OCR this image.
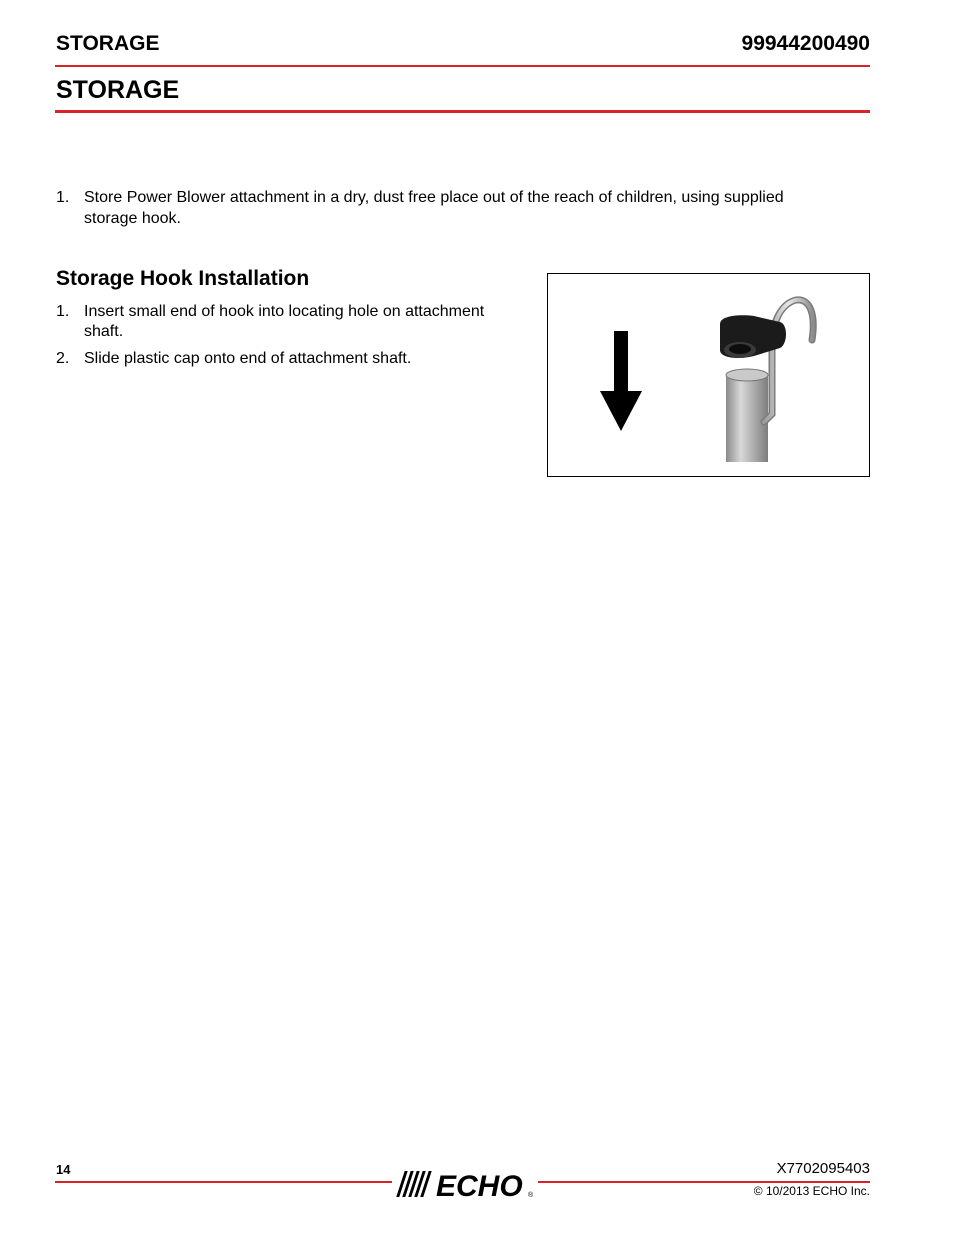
STORAGE	99944200490
STORAGE
1. Store Power Blower attachment in a dry, dust free place out of the reach of children, using supplied
storage hook.
Storage Hook Installation
1. Insert small end of hook into locating hole on attachment
shaft.
2. Slide plastic cap onto end of attachment shaft.
14	X7702095403
ECHO ®	© 10/2013 ECHO Inc.
